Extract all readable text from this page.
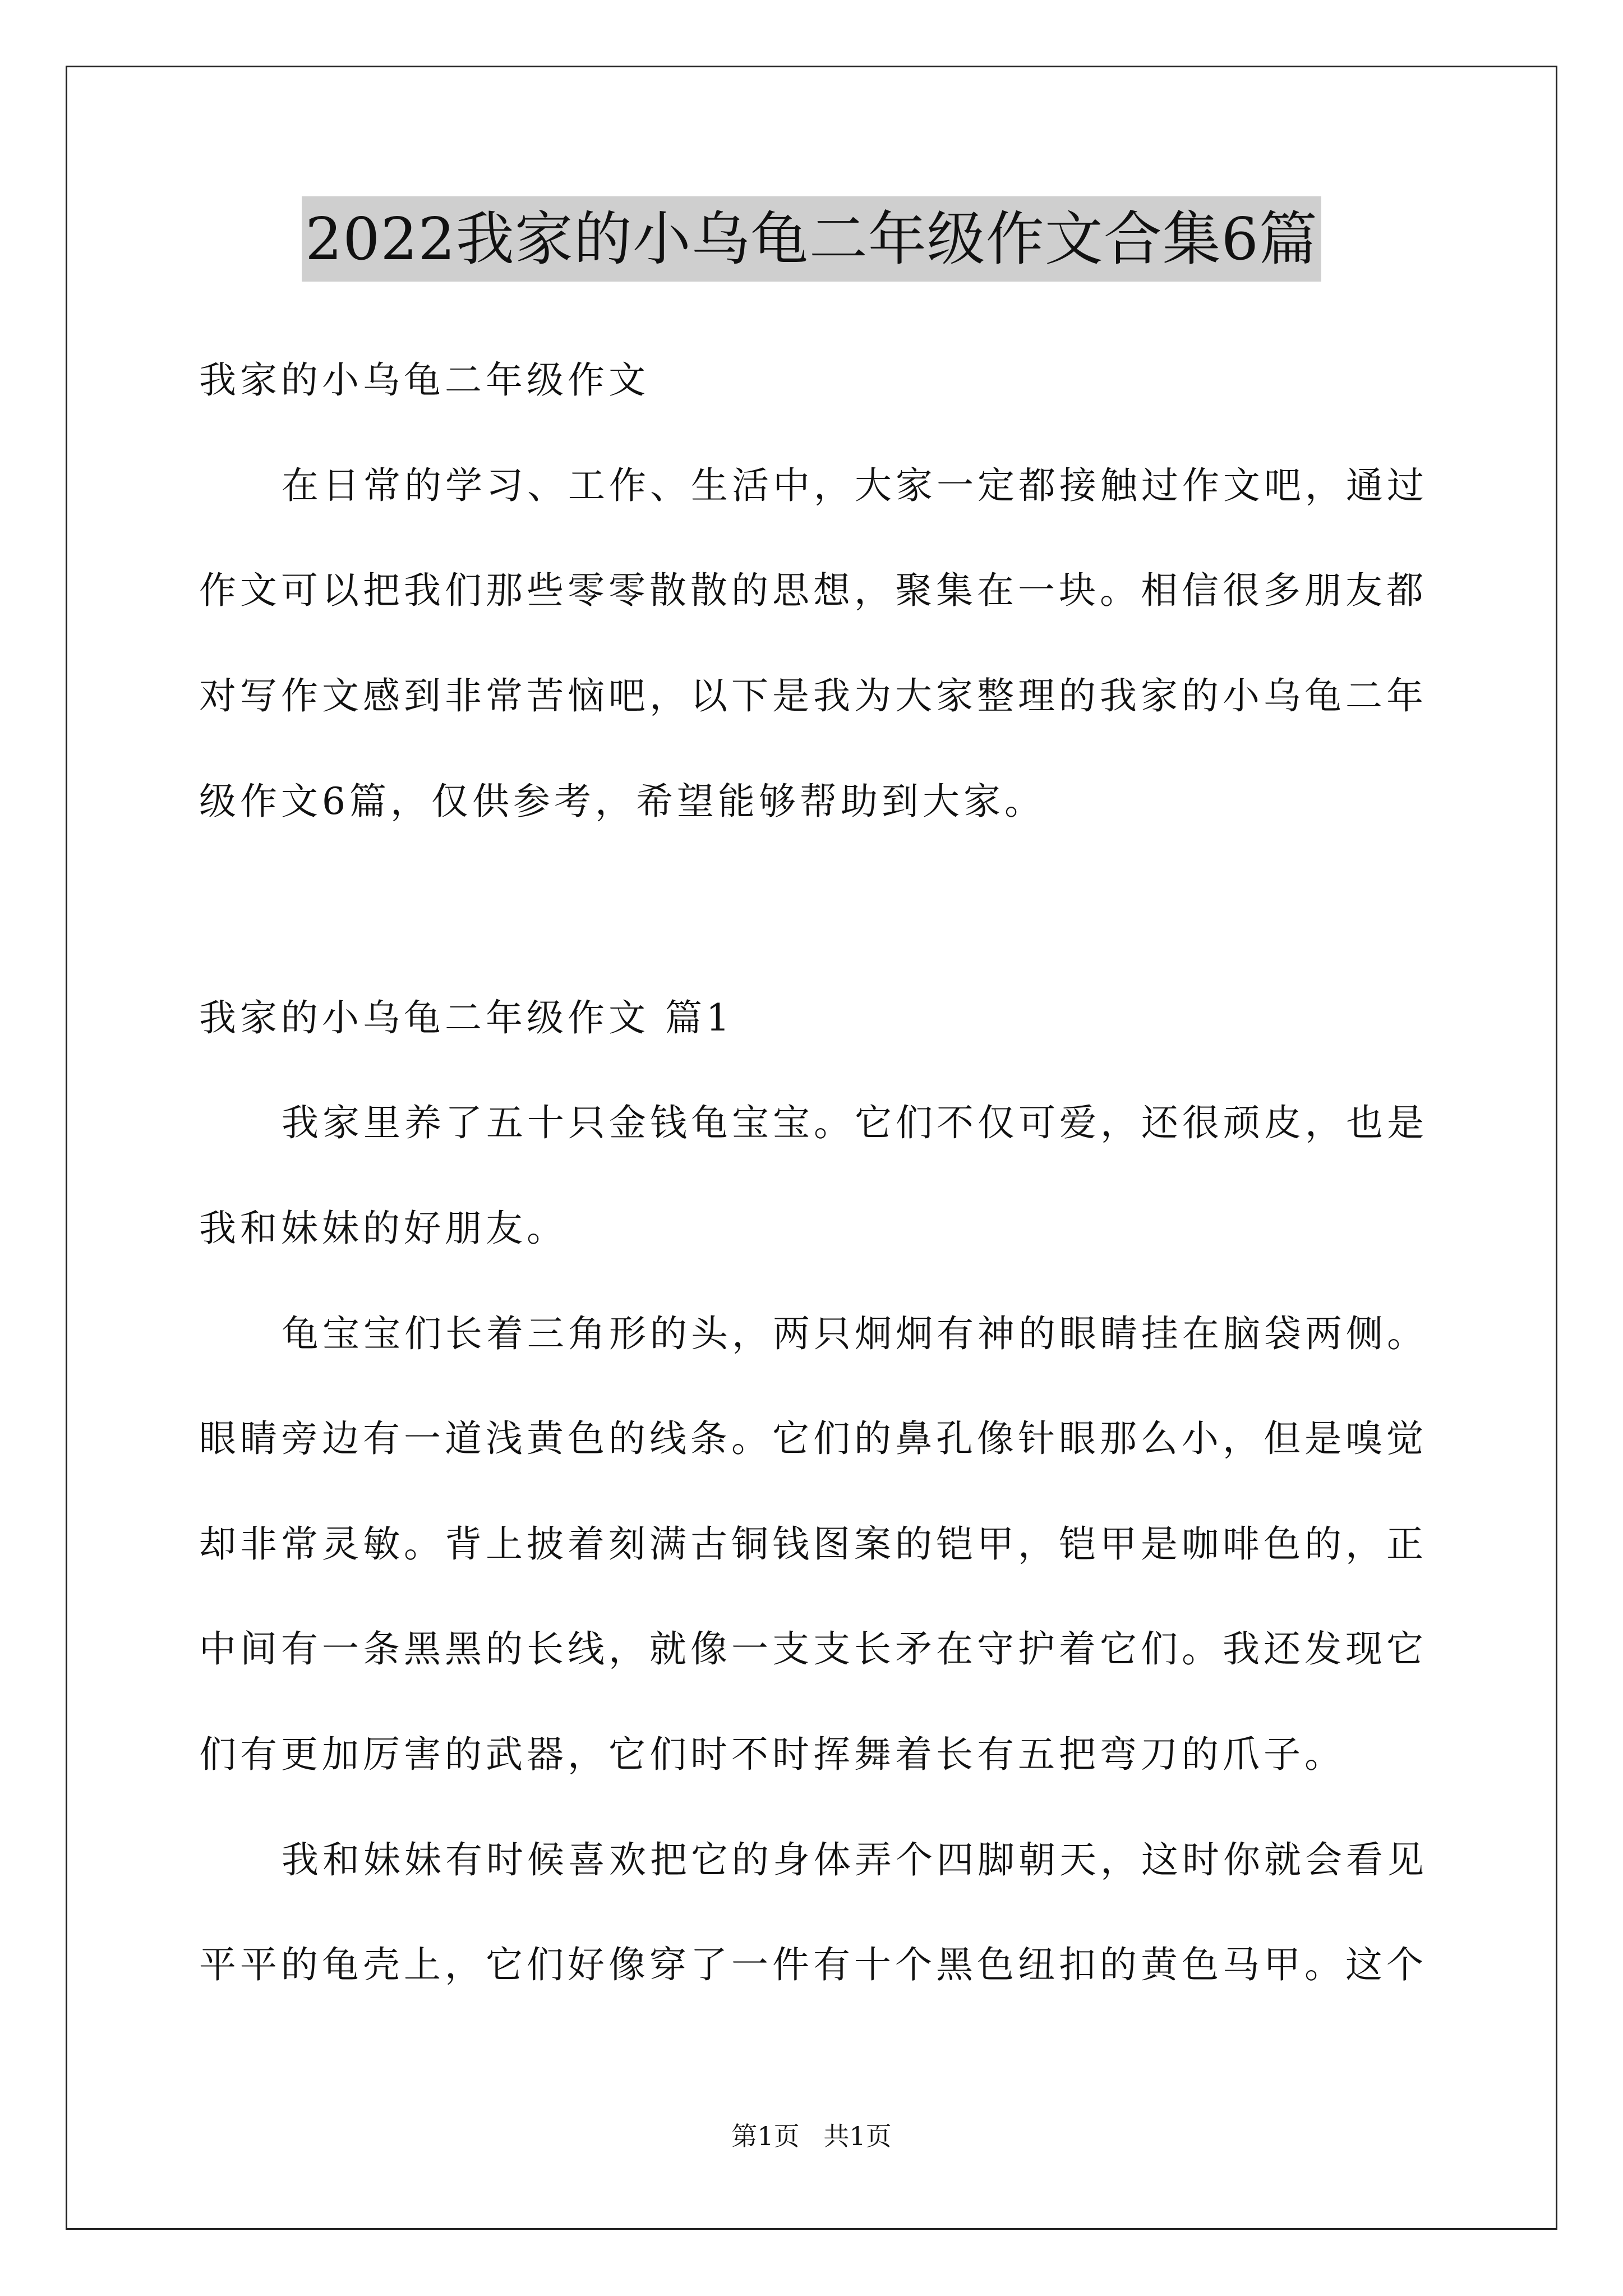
2022我家的小乌龟二年级作文合集6篇
我家的小乌龟二年级作文
在日常的学习、工作、生活中，大家一定都接触过作文吧，通过
作文可以把我们那些零零散散的思想，聚集在一块。相信很多朋友都
对写作文感到非常苦恼吧，以下是我为大家整理的我家的小乌龟二年
级作文6篇，仅供参考，希望能够帮助到大家。
我家的小乌龟二年级作文 篇1
我家里养了五十只金钱龟宝宝。它们不仅可爱，还很顽皮，也是
我和妹妹的好朋友。
龟宝宝们长着三角形的头，两只炯炯有神的眼睛挂在脑袋两侧。
眼睛旁边有一道浅黄色的线条。它们的鼻孔像针眼那么小，但是嗅觉
却非常灵敏。背上披着刻满古铜钱图案的铠甲，铠甲是咖啡色的，正
中间有一条黑黑的长线，就像一支支长矛在守护着它们。我还发现它
们有更加厉害的武器，它们时不时挥舞着长有五把弯刀的爪子。
我和妹妹有时候喜欢把它的身体弄个四脚朝天，这时你就会看见
平平的龟壳上，它们好像穿了一件有十个黑色纽扣的黄色马甲。这个
第1页 共1页
